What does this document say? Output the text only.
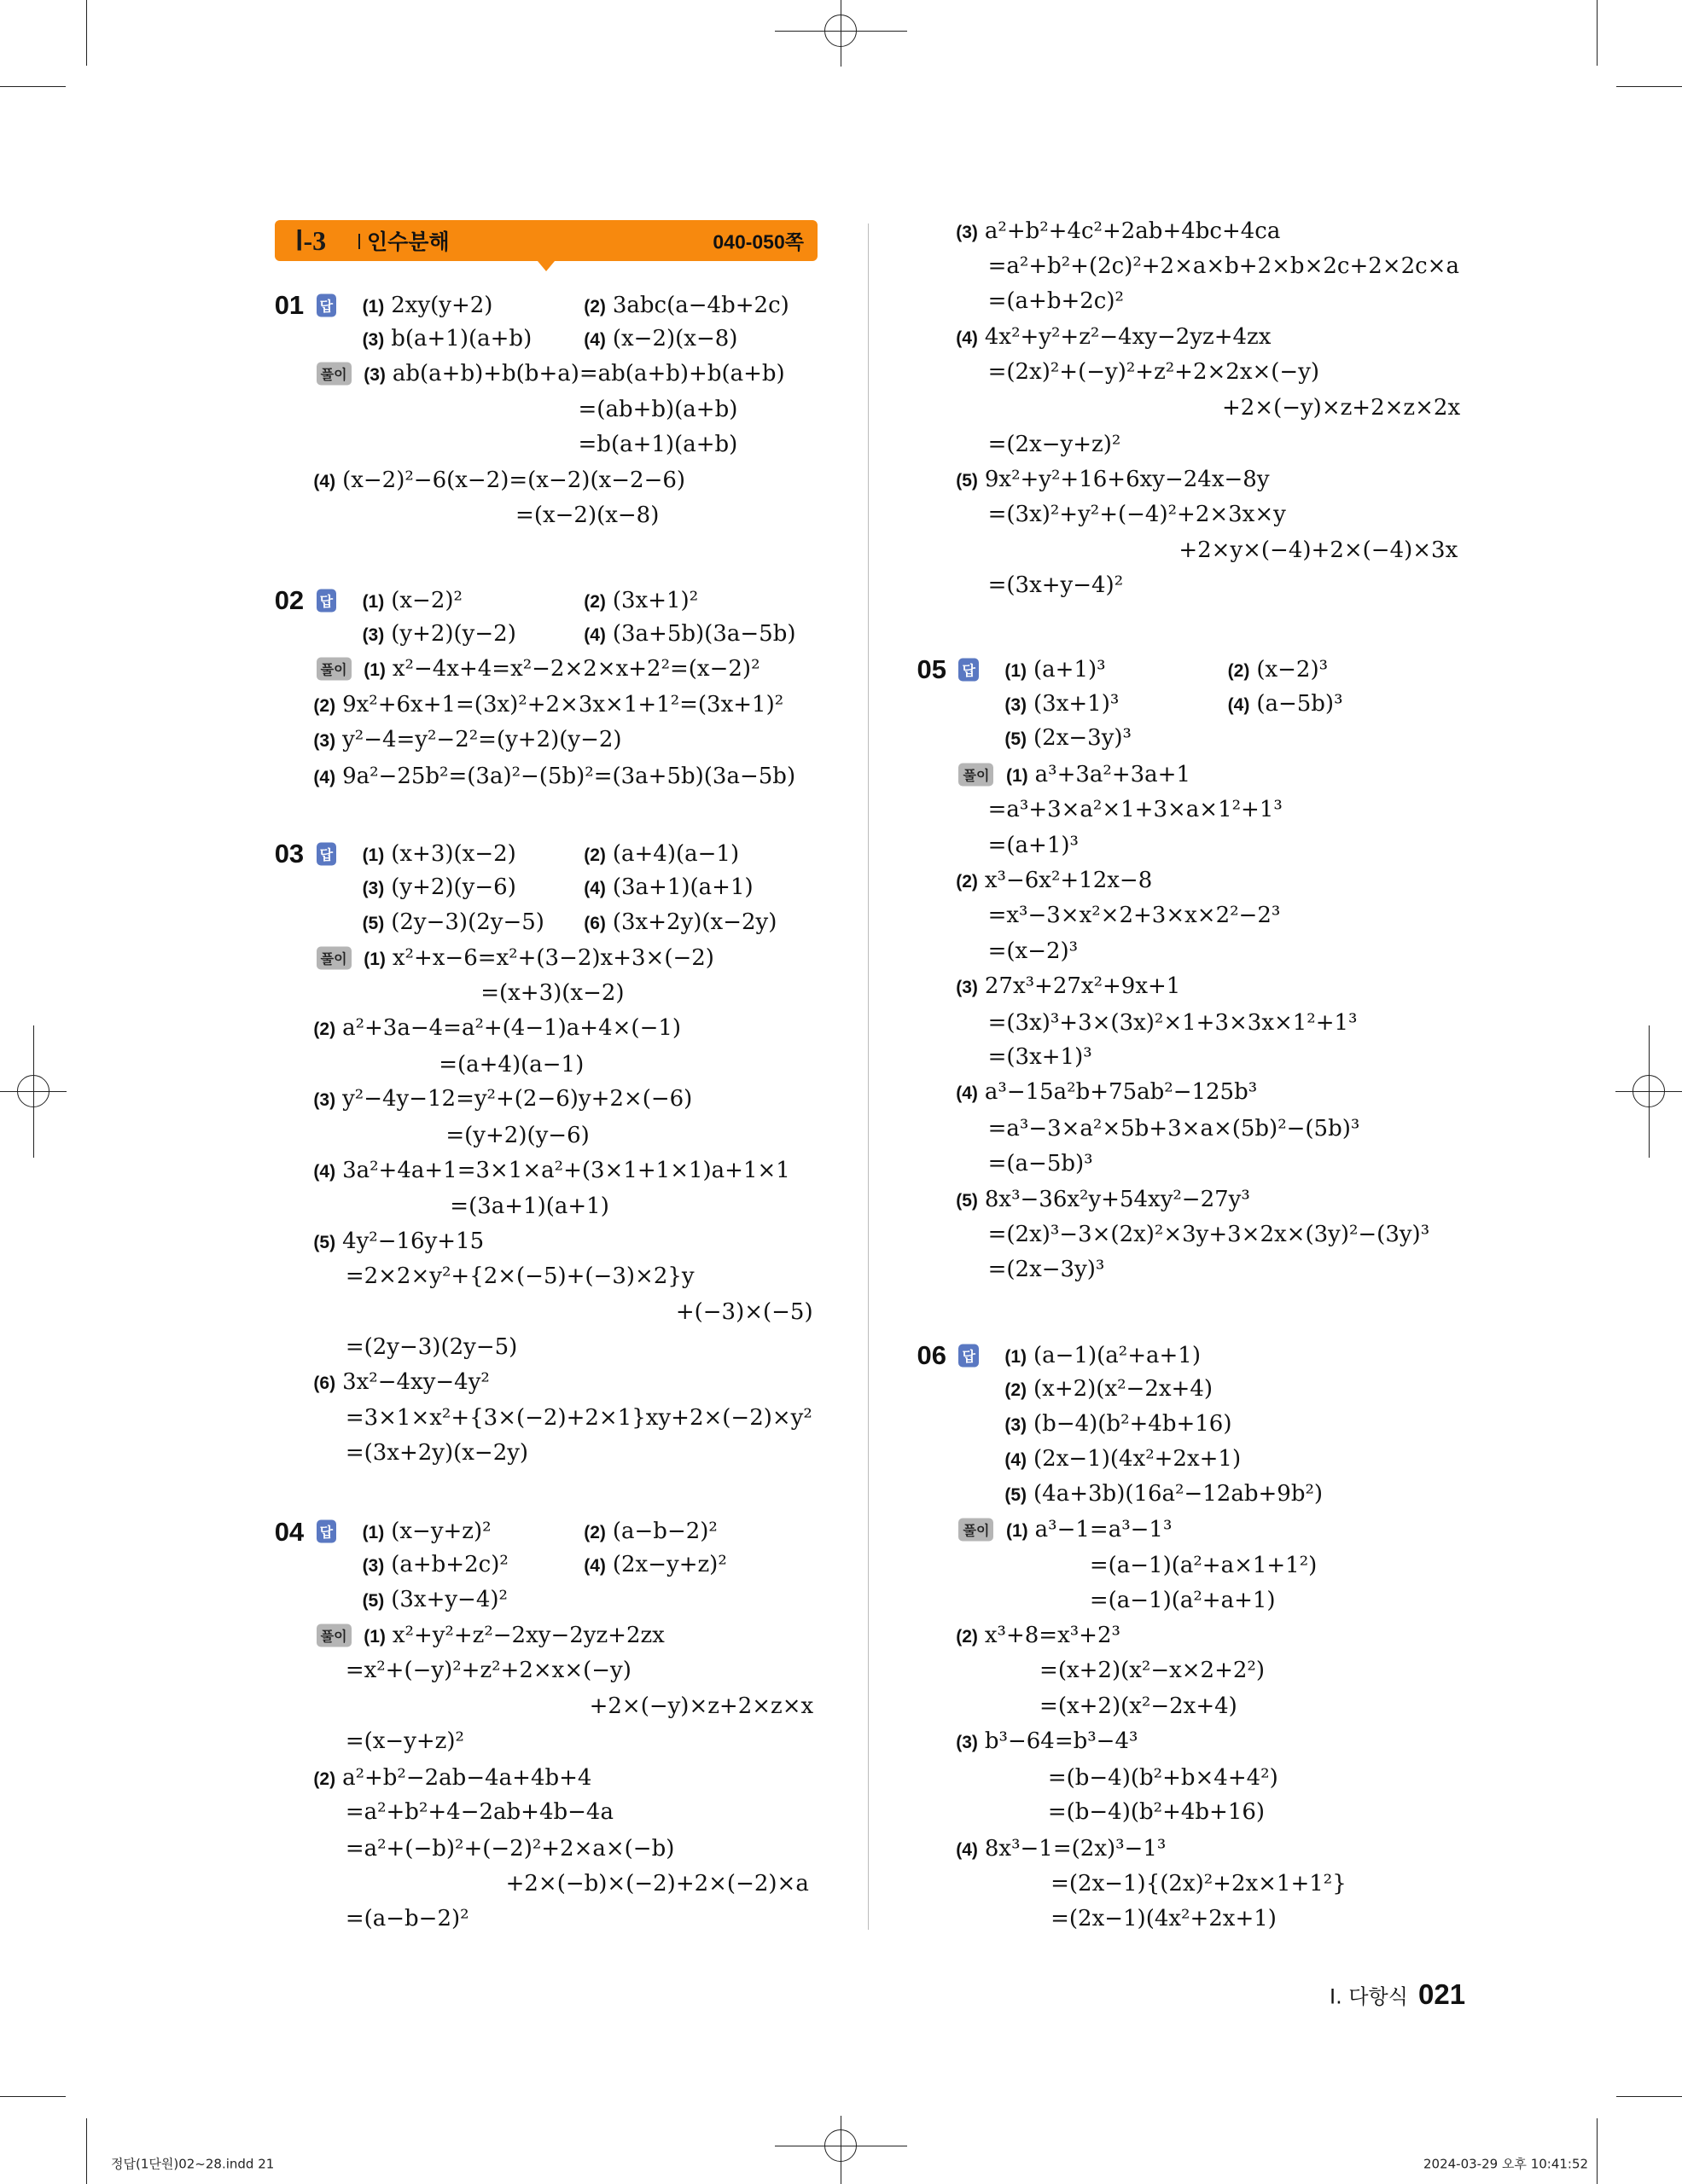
Ⅰ-3 인수분해	040-050쪽
01 답 (1) 2xy(y+2)	(2) 3abc(a−4b+2c)
(3) b(a+1)(a+b)	(4) (x−2)(x−8)
풀이 (3) ab(a+b)+b(b+a)=ab(a+b)+b(a+b)
=(ab+b)(a+b)
=b(a+1)(a+b)
(4) (x−2)²−6(x−2)=(x−2)(x−2−6)
=(x−2)(x−8)
02 답 (1) (x−2)²	(2) (3x+1)²
(3) (y+2)(y−2)	(4) (3a+5b)(3a−5b)
풀이 (1) x²−4x+4=x²−2×2×x+2²=(x−2)²
(2) 9x²+6x+1=(3x)²+2×3x×1+1²=(3x+1)²
(3) y²−4=y²−2²=(y+2)(y−2)
(4) 9a²−25b²=(3a)²−(5b)²=(3a+5b)(3a−5b)
03 답 (1) (x+3)(x−2)	(2) (a+4)(a−1)
(3) (y+2)(y−6)	(4) (3a+1)(a+1)
(5) (2y−3)(2y−5) (6) (3x+2y)(x−2y)
풀이 (1) x²+x−6=x²+(3−2)x+3×(−2)
=(x+3)(x−2)
(2) a²+3a−4=a²+(4−1)a+4×(−1)
=(a+4)(a−1)
(3) y²−4y−12=y²+(2−6)y+2×(−6)
=(y+2)(y−6)
(4) 3a²+4a+1=3×1×a²+(3×1+1×1)a+1×1
=(3a+1)(a+1)
(5) 4y²−16y+15
=2×2×y²+{2×(−5)+(−3)×2}y
+(−3)×(−5)
=(2y−3)(2y−5)
(6) 3x²−4xy−4y²
=3×1×x²+{3×(−2)+2×1}xy+2×(−2)×y²
=(3x+2y)(x−2y)
04 답 (1) (x−y+z)²	(2) (a−b−2)²
(3) (a+b+2c)²	(4) (2x−y+z)²
(5) (3x+y−4)²
풀이 (1) x²+y²+z²−2xy−2yz+2zx
=x²+(−y)²+z²+2×x×(−y)
+2×(−y)×z+2×z×x
=(x−y+z)²
(2) a²+b²−2ab−4a+4b+4
=a²+b²+4−2ab+4b−4a
=a²+(−b)²+(−2)²+2×a×(−b)
+2×(−b)×(−2)+2×(−2)×a
=(a−b−2)²
(3) a²+b²+4c²+2ab+4bc+4ca
=a²+b²+(2c)²+2×a×b+2×b×2c+2×2c×a
=(a+b+2c)²
(4) 4x²+y²+z²−4xy−2yz+4zx
=(2x)²+(−y)²+z²+2×2x×(−y)
+2×(−y)×z+2×z×2x
=(2x−y+z)²
(5) 9x²+y²+16+6xy−24x−8y
=(3x)²+y²+(−4)²+2×3x×y
+2×y×(−4)+2×(−4)×3x
=(3x+y−4)²
05 답 (1) (a+1)³	(2) (x−2)³
(3) (3x+1)³	(4) (a−5b)³
(5) (2x−3y)³
풀이 (1) a³+3a²+3a+1
=a³+3×a²×1+3×a×1²+1³
=(a+1)³
(2) x³−6x²+12x−8
=x³−3×x²×2+3×x×2²−2³
=(x−2)³
(3) 27x³+27x²+9x+1
=(3x)³+3×(3x)²×1+3×3x×1²+1³
=(3x+1)³
(4) a³−15a²b+75ab²−125b³
=a³−3×a²×5b+3×a×(5b)²−(5b)³
=(a−5b)³
(5) 8x³−36x²y+54xy²−27y³
=(2x)³−3×(2x)²×3y+3×2x×(3y)²−(3y)³
=(2x−3y)³
06 답 (1) (a−1)(a²+a+1)
(2) (x+2)(x²−2x+4)
(3) (b−4)(b²+4b+16)
(4) (2x−1)(4x²+2x+1)
(5) (4a+3b)(16a²−12ab+9b²)
풀이 (1) a³−1=a³−1³
=(a−1)(a²+a×1+1²)
=(a−1)(a²+a+1)
(2) x³+8=x³+2³
=(x+2)(x²−x×2+2²)
=(x+2)(x²−2x+4)
(3) b³−64=b³−4³
=(b−4)(b²+b×4+4²)
=(b−4)(b²+4b+16)
(4) 8x³−1=(2x)³−1³
=(2x−1){(2x)²+2x×1+1²}
=(2x−1)(4x²+2x+1)
Ⅰ. 다항식 021
정답(1단원)02~28.indd 21	2024-03-29 오후 10:41:52
